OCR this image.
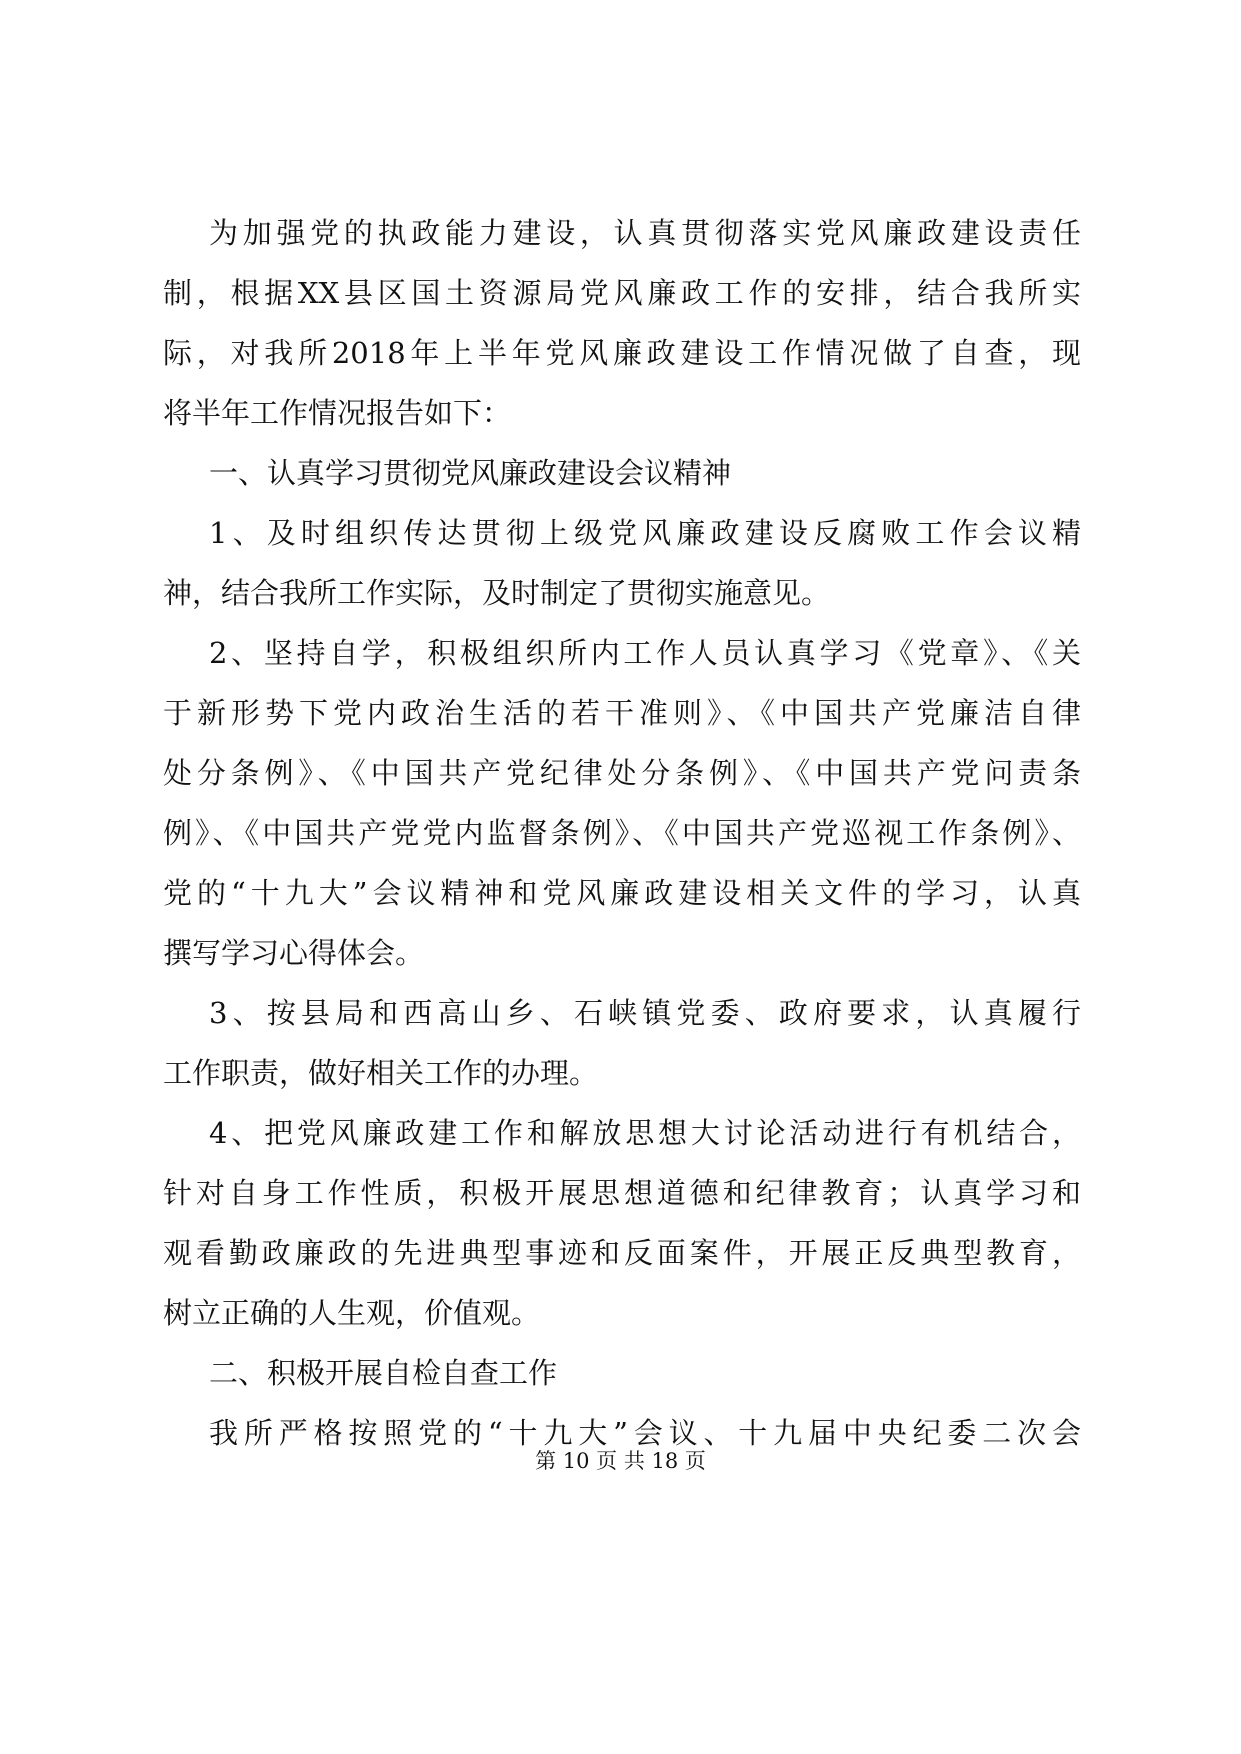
为加强党的执政能力建设，认真贯彻落实党风廉政建设责任
制，根据XX县区国土资源局党风廉政工作的安排，结合我所实
际，对我所2018年上半年党风廉政建设工作情况做了自查，现
将半年工作情况报告如下：
一、认真学习贯彻党风廉政建设会议精神
1、及时组织传达贯彻上级党风廉政建设反腐败工作会议精
神，结合我所工作实际，及时制定了贯彻实施意见。
2、坚持自学，积极组织所内工作人员认真学习《党章》、《关
于新形势下党内政治生活的若干准则》、《中国共产党廉洁自律
处分条例》、《中国共产党纪律处分条例》、《中国共产党问责条
例》、《中国共产党党内监督条例》、《中国共产党巡视工作条例》、
党的“十九大”会议精神和党风廉政建设相关文件的学习，认真
撰写学习心得体会。
3、按县局和西高山乡、石峡镇党委、政府要求，认真履行
工作职责，做好相关工作的办理。
4、把党风廉政建工作和解放思想大讨论活动进行有机结合，
针对自身工作性质，积极开展思想道德和纪律教育；认真学习和
观看勤政廉政的先进典型事迹和反面案件，开展正反典型教育，
树立正确的人生观，价值观。
二、积极开展自检自查工作
我所严格按照党的“十九大”会议、十九届中央纪委二次会
第 10 页 共 18 页
